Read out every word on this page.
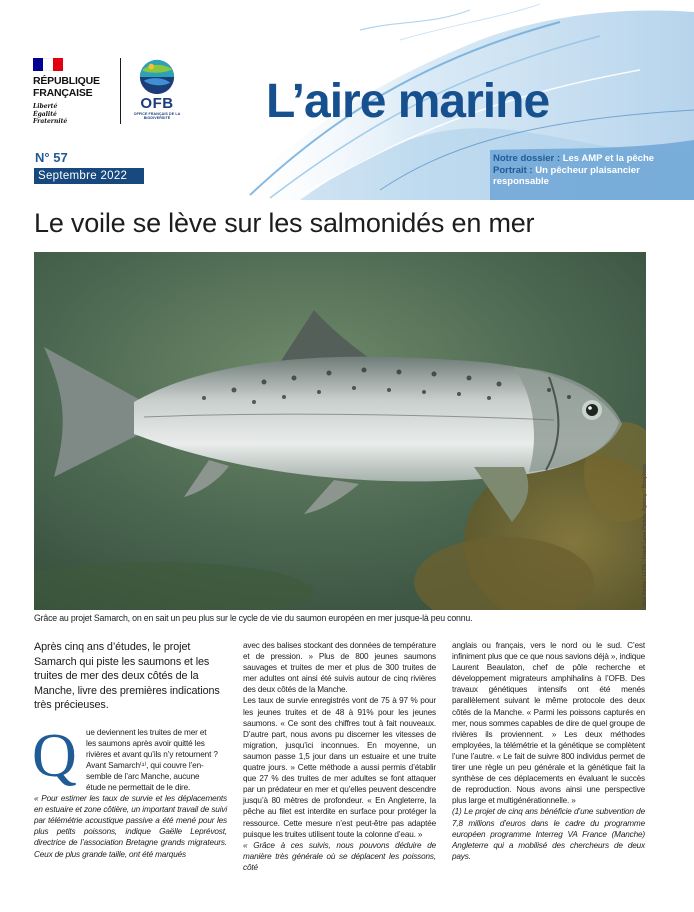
RÉPUBLIQUE
FRANÇAISE
Liberté
Égalité
Fraternité
OFB
OFFICE FRANÇAIS DE LA BIODIVERSITÉ	L’aire marine
N° 57
Septembre 2022
Notre dossier : Les AMP et la pêche
Portrait : Un pêcheur plaisancier responsable
Le voile se lève sur les salmonidés en mer
Jack Perks / LTPA / Frank Lane Picture Agency / Biosphoto
Grâce au projet Samarch, on en sait un peu plus sur le cycle de vie du saumon européen en mer jusque-là peu connu.

Après cinq ans d’études, le projet Samarch qui piste les saumons et les truites de mer des deux côtés de la Manche, livre des premières indications très précieuses.

Q	ue deviennent les truites de mer et
les saumons après avoir quitté les
rivières et avant qu’ils n’y retournent ?
Avant Samarch⁽¹⁾, qui couvre l’en-
semble de l’arc Manche, aucune
étude ne permettait de le dire.

« Pour estimer les taux de survie et les déplacements en estuaire et zone côtière, un important travail de suivi par télémétrie acoustique passive a été mené pour les plus petits poissons, indique Gaëlle Leprévost, directrice de l’association Bretagne grands migrateurs. Ceux de plus grande taille, ont été marqués

avec des balises stockant des données de température et de pression. » Plus de 800 jeunes saumons sauvages et truites de mer et plus de 300 truites de mer adultes ont ainsi été suivis autour de cinq rivières des deux côtés de la Manche.

Les taux de survie enregistrés vont de 75 à 97 % pour les jeunes truites et de 48 à 91% pour les jeunes saumons. « Ce sont des chiffres tout à fait nouveaux. D’autre part, nous avons pu discerner les vitesses de migration, jusqu’ici inconnues. En moyenne, un saumon passe 1,5 jour dans un estuaire et une truite quatre jours. » Cette méthode a aussi permis d’établir que 27 % des truites de mer adultes se font attaquer par un prédateur en mer et qu’elles peuvent descendre jusqu’à 80 mètres de profondeur. « En Angleterre, la pêche au filet est interdite en surface pour protéger la ressource. Cette mesure n’est peut-être pas adaptée puisque les truites utilisent toute la colonne d’eau. »

« Grâce à ces suivis, nous pouvons déduire de manière très générale où se déplacent les poissons, côté

anglais ou français, vers le nord ou le sud. C’est infiniment plus que ce que nous savions déjà », indique Laurent Beaulaton, chef de pôle recherche et développement migrateurs amphihalins à l’OFB. Des travaux génétiques intensifs ont été menés parallèlement suivant le même protocole des deux côtés de la Manche. « Parmi les poissons capturés en mer, nous sommes capables de dire de quel groupe de rivières ils proviennent. » Les deux méthodes employées, la télémétrie et la génétique se complètent l’une l’autre. « Le fait de suivre 800 individus permet de tirer une règle un peu générale et la génétique fait la synthèse de ces déplacements en évaluant le succès de reproduction. Nous avons ainsi une perspective plus large et multigénérationnelle. »

(1) Le projet de cinq ans bénéficie d’une subvention de 7,8 millions d’euros dans le cadre du programme européen programme Interreg VA France (Manche) Angleterre qui a mobilisé des chercheurs de deux pays.
